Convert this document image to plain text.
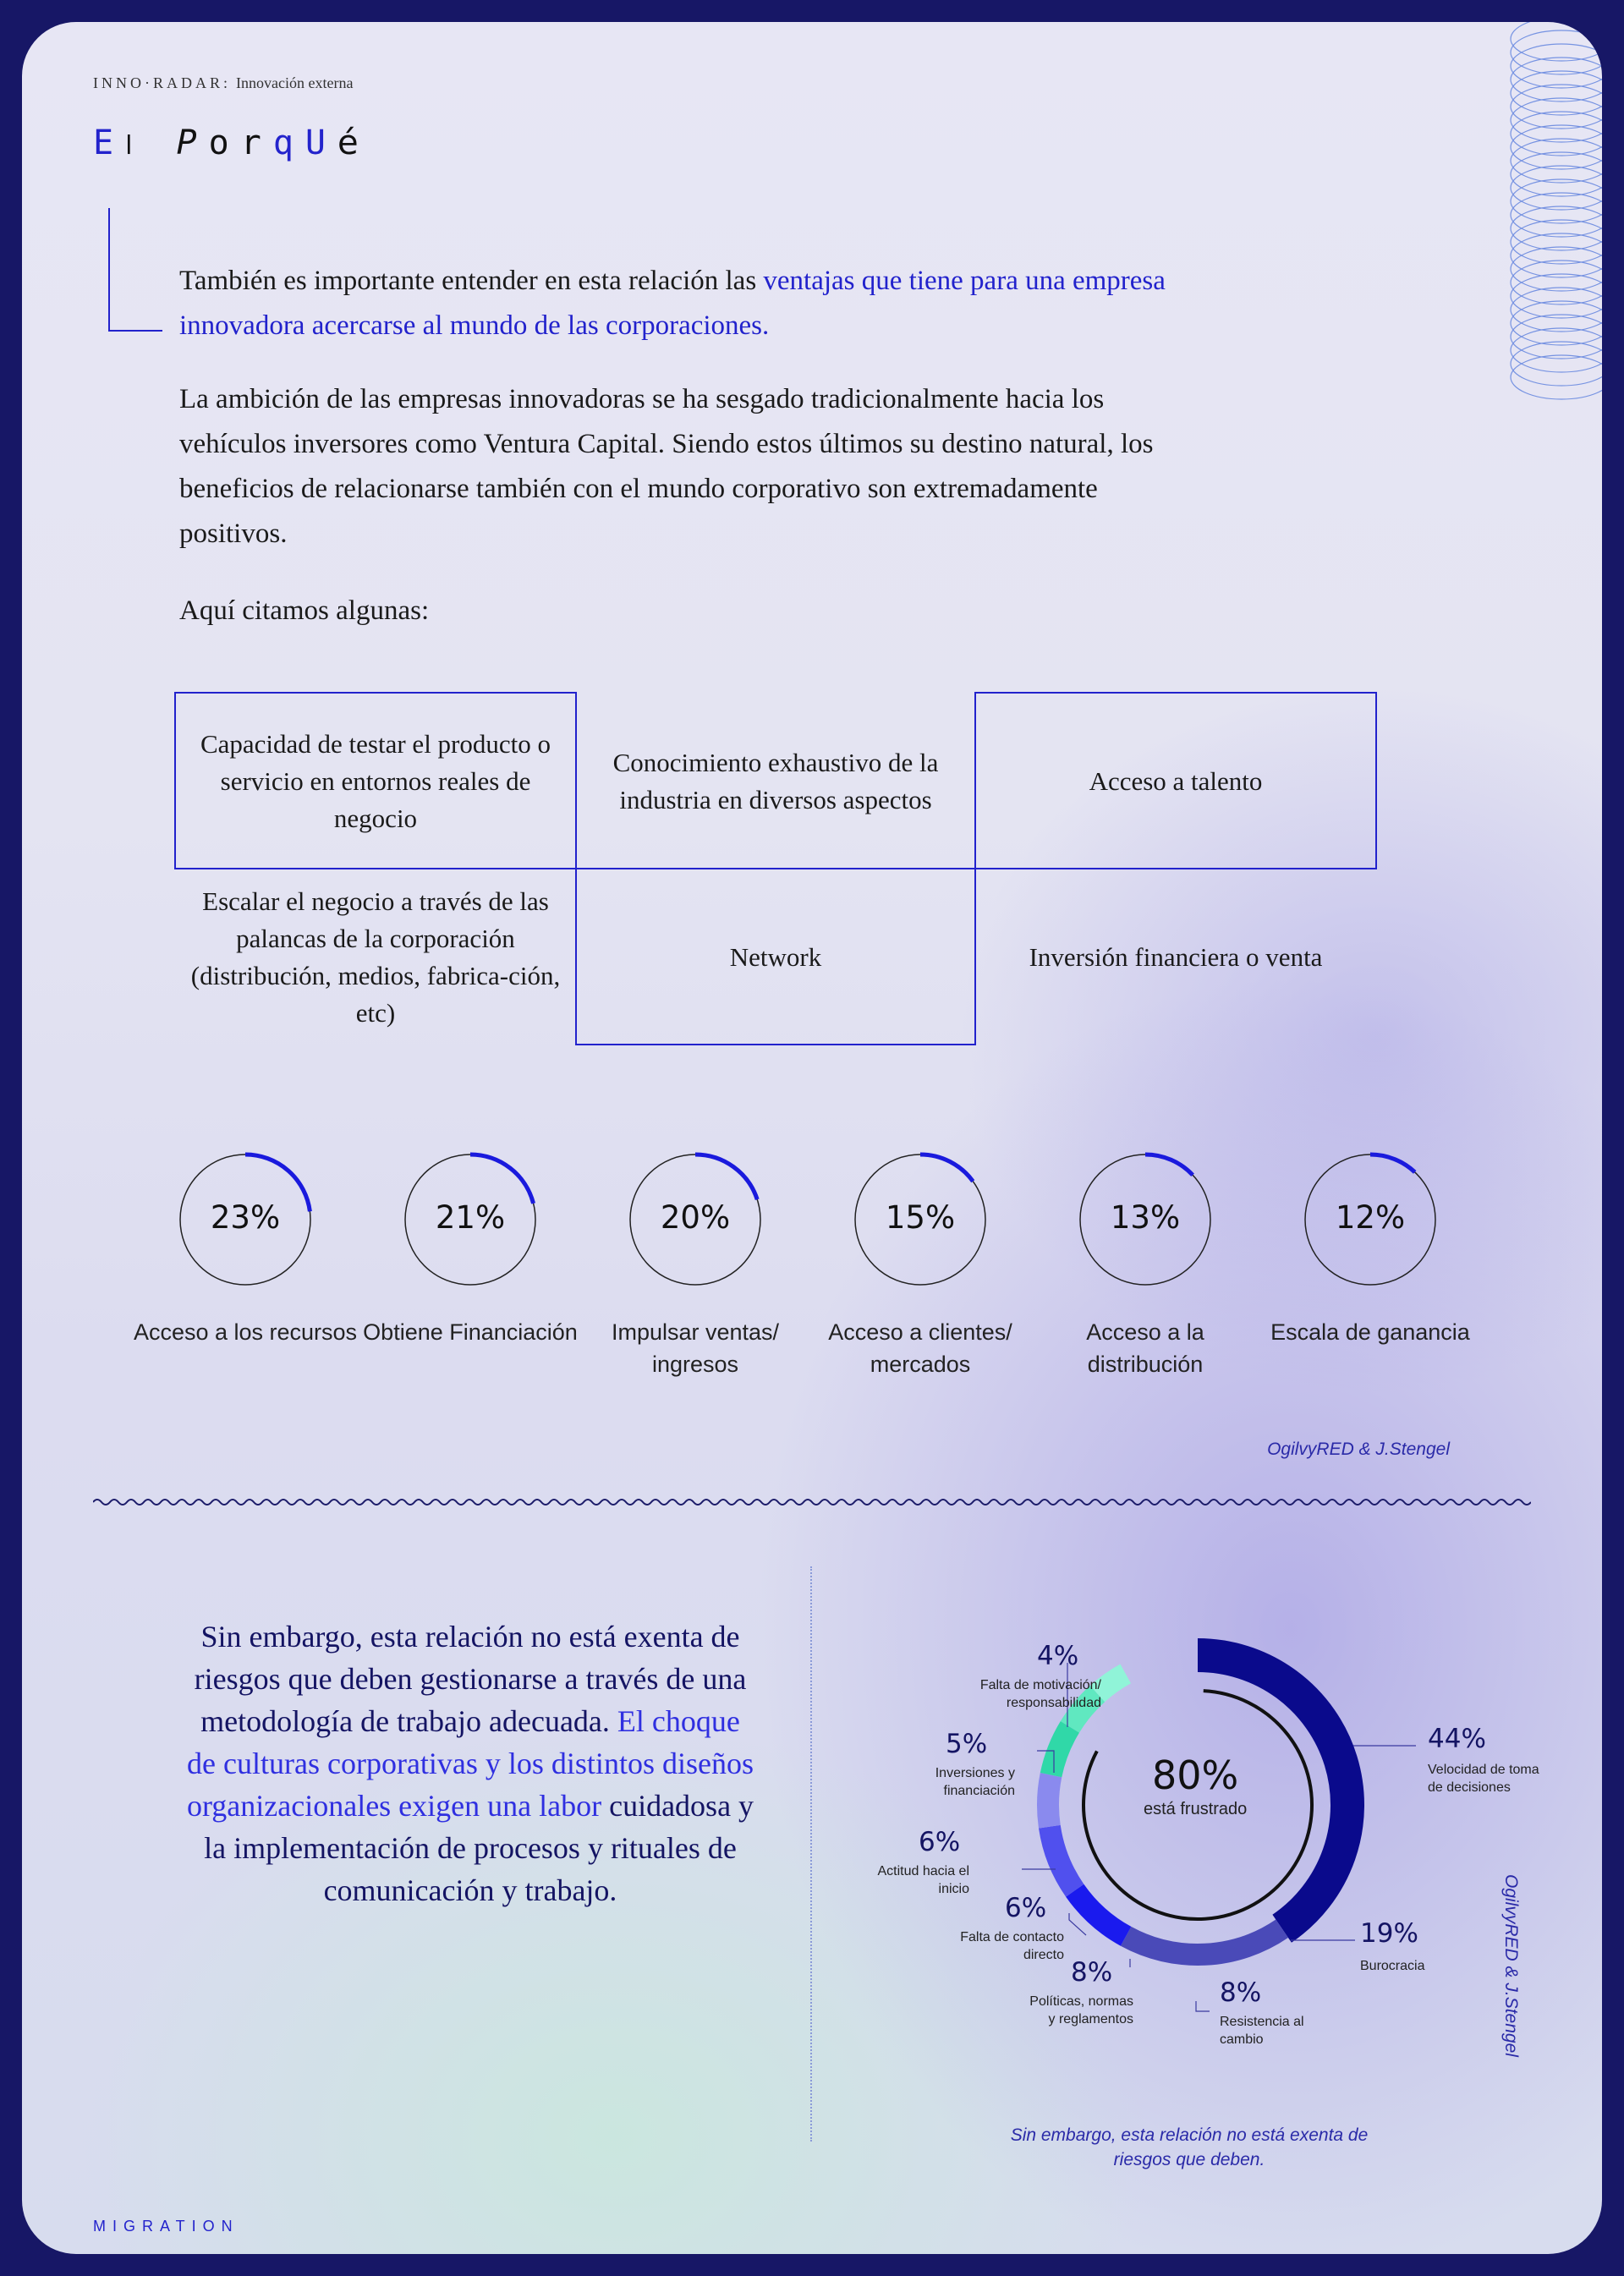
INNO·RADAR: Innovación externa
El PorqUé
También es importante entender en esta relación las ventajas que tiene para una empresa innovadora acercarse al mundo de las corporaciones.
La ambición de las empresas innovadoras se ha sesgado tradicionalmente hacia los vehículos inversores como Ventura Capital. Siendo estos últimos su destino natural, los beneficios de relacionarse también con el mundo corporativo son extremadamente positivos.
Aquí citamos algunas:
Capacidad de testar el producto o servicio en entornos reales de negocio
Conocimiento exhaustivo de la industria en diversos aspectos
Acceso a talento
Escalar el negocio a través de las palancas de la corporación (distribución, medios, fabrica-ción, etc)
Network	Inversión financiera o venta
OgilvyRED & J.Stengel
Sin embargo, esta relación no está exenta de riesgos que deben gestionarse a través de una metodología de trabajo adecuada. El choque de culturas corporativas y los distintos diseños organizacionales exigen una labor cuidadosa y la implementación de procesos y rituales de comunicación y trabajo.
80%
está frustrado
44%
Velocidad de toma de decisiones
19%
Burocracia
8%
Resistencia al cambio
8%
Políticas, normas y reglamentos
6%
Falta de contacto directo
6%
Actitud hacia el inicio
5%
Inversiones y financiación
4%
Falta de motivación/ responsabilidad
OgilvyRED & J.Stengel
Sin embargo, esta relación no está exenta de riesgos que deben.
MIGRATION
23%
Acceso a los recursos
21%
Obtiene Financiación
20%
Impulsar ventas/ ingresos
15%
Acceso a clientes/ mercados
13%
Acceso a la distribución
12%
Escala de ganancia
